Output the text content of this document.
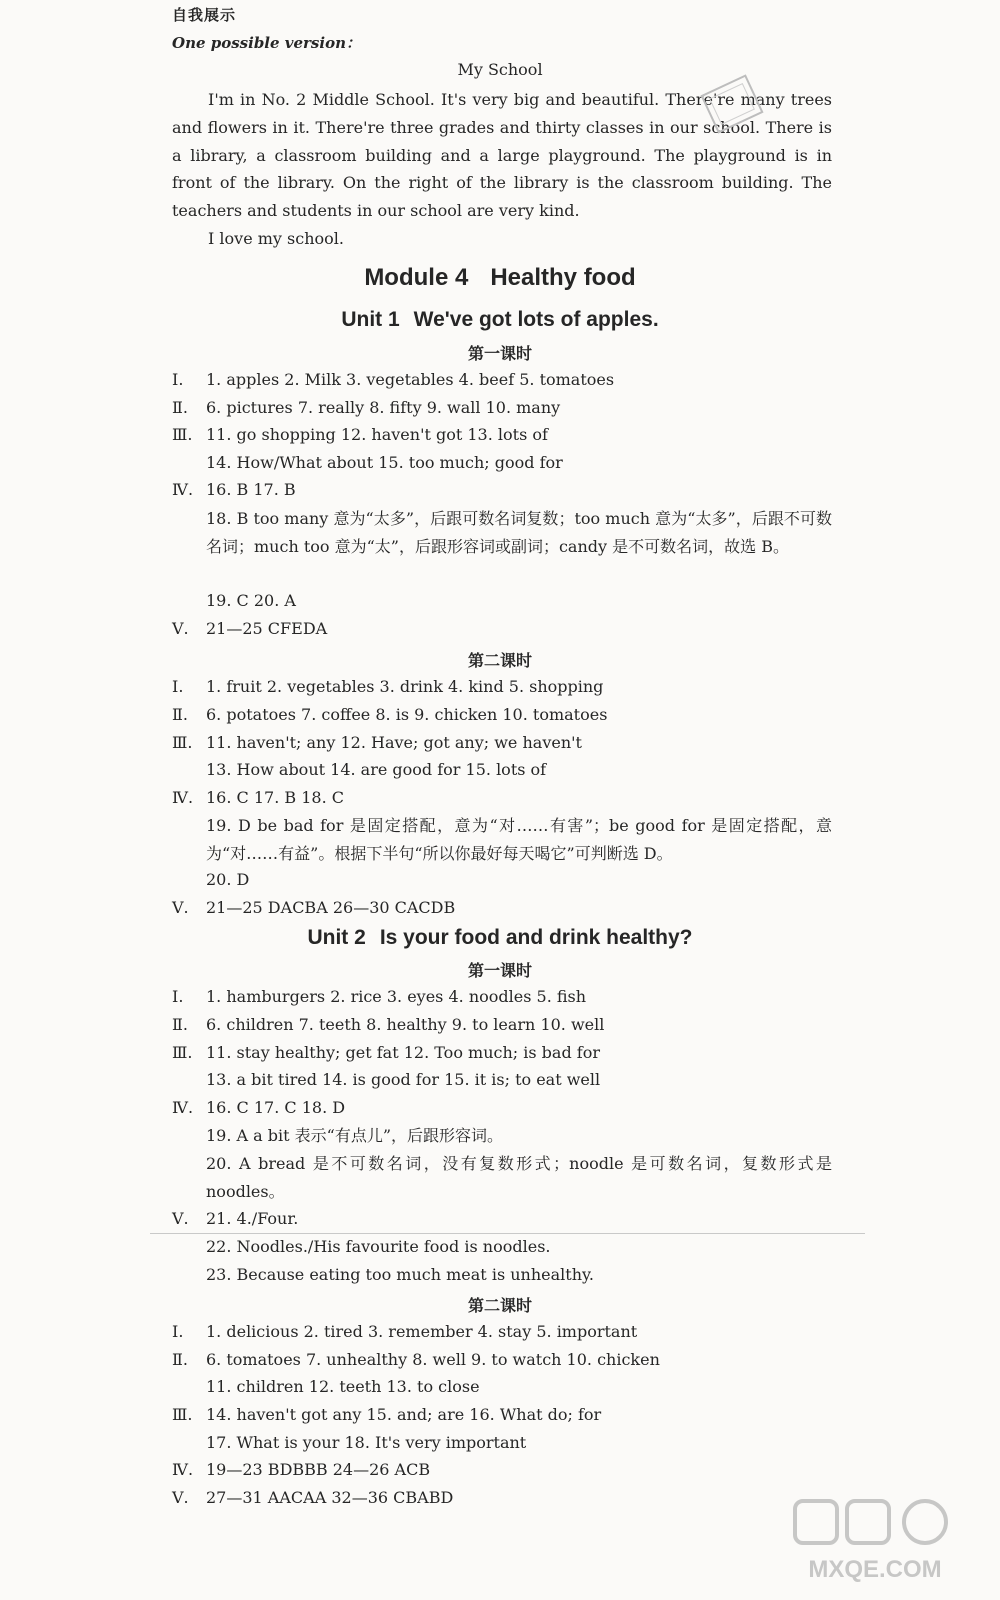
自我展示
One possible version：
My School

I'm in No. 2 Middle School. It's very big and beautiful. There're many trees and flowers in it. There're three grades and thirty classes in our school. There is a library, a classroom building and a large playground. The playground is in front of the library. On the right of the library is the classroom building. The teachers and students in our school are very kind.

I love my school.

Module 4 Healthy food
Unit 1 We've got lots of apples.
第一课时
Ⅰ. 1. apples 2. Milk 3. vegetables 4. beef 5. tomatoes
Ⅱ. 6. pictures 7. really 8. fifty 9. wall 10. many
Ⅲ. 11. go shopping 12. haven't got 13. lots of
14. How/What about 15. too much; good for
Ⅳ. 16. B 17. B
18. B too many 意为“太多”，后跟可数名词复数；too much 意为“太多”，后跟不可数名词；much too 意为“太”，后跟形容词或副词；candy 是不可数名词，故选 B。
19. C 20. A
Ⅴ. 21—25 CFEDA
第二课时
Ⅰ. 1. fruit 2. vegetables 3. drink 4. kind 5. shopping
Ⅱ. 6. potatoes 7. coffee 8. is 9. chicken 10. tomatoes
Ⅲ. 11. haven't; any 12. Have; got any; we haven't
13. How about 14. are good for 15. lots of
Ⅳ. 16. C 17. B 18. C
19. D be bad for 是固定搭配，意为“对……有害”；be good for 是固定搭配，意为“对……有益”。根据下半句“所以你最好每天喝它”可判断选 D。
20. D
Ⅴ. 21—25 DACBA 26—30 CACDB
Unit 2 Is your food and drink healthy?
第一课时
Ⅰ. 1. hamburgers 2. rice 3. eyes 4. noodles 5. fish
Ⅱ. 6. children 7. teeth 8. healthy 9. to learn 10. well
Ⅲ. 11. stay healthy; get fat 12. Too much; is bad for
13. a bit tired 14. is good for 15. it is; to eat well
Ⅳ. 16. C 17. C 18. D
19. A a bit 表示“有点儿”，后跟形容词。
20. A bread 是不可数名词，没有复数形式；noodle 是可数名词，复数形式是 noodles。
Ⅴ. 21. 4./Four.
22. Noodles./His favourite food is noodles.
23. Because eating too much meat is unhealthy.
第二课时
Ⅰ. 1. delicious 2. tired 3. remember 4. stay 5. important
Ⅱ. 6. tomatoes 7. unhealthy 8. well 9. to watch 10. chicken
11. children 12. teeth 13. to close
Ⅲ. 14. haven't got any 15. and; are 16. What do; for
17. What is your 18. It's very important
Ⅳ. 19—23 BDBBB 24—26 ACB
Ⅴ. 27—31 AACAA 32—36 CBABD
MXQE.COM
